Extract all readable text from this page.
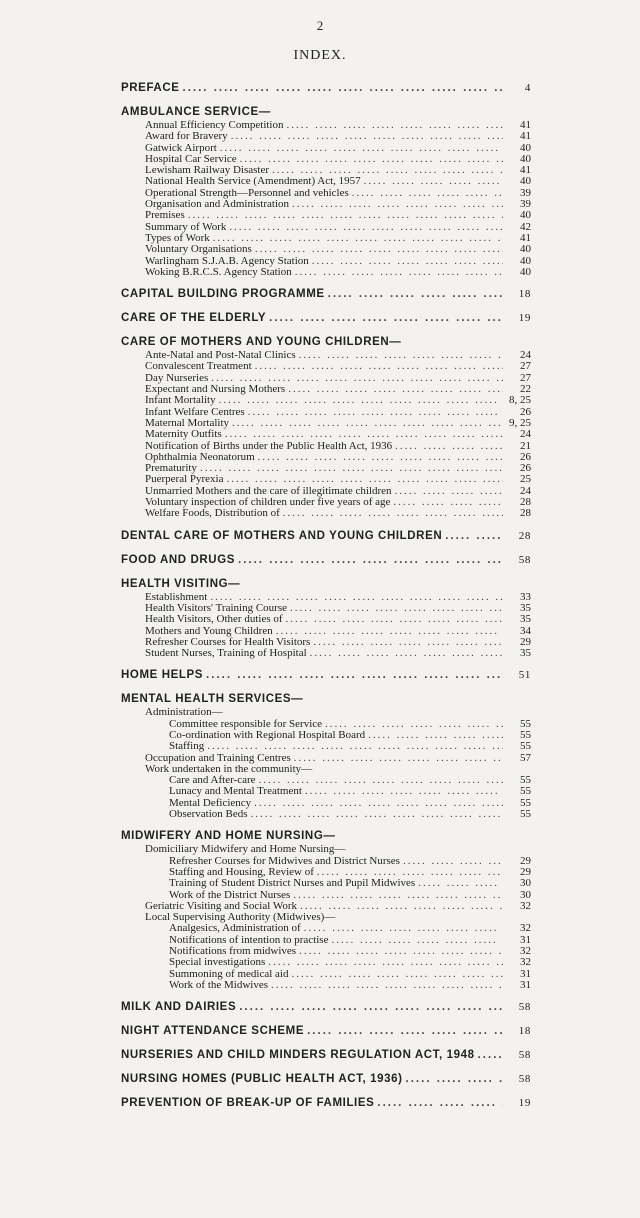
2
INDEX.
PREFACE .....	4
AMBULANCE SERVICE—
Annual Efficiency Competition .....	41
Award for Bravery .....	41
Gatwick Airport .....	40
Hospital Car Service .....	40
Lewisham Railway Disaster .....	41
National Health Service (Amendment) Act, 1957 .....	40
Operational Strength—Personnel and vehicles .....	39
Organisation and Administration .....	39
Premises .....	40
Summary of Work .....	42
Types of Work .....	41
Voluntary Organisations .....	40
Warlingham S.J.A.B. Agency Station .....	40
Woking B.R.C.S. Agency Station .....	40
CAPITAL BUILDING PROGRAMME .....	18
CARE OF THE ELDERLY .....	19
CARE OF MOTHERS AND YOUNG CHILDREN—
Ante-Natal and Post-Natal Clinics .....	24
Convalescent Treatment .....	27
Day Nurseries .....	27
Expectant and Nursing Mothers .....	22
Infant Mortality .....	8, 25
Infant Welfare Centres .....	26
Maternal Mortality .....	9, 25
Maternity Outfits .....	24
Notification of Births under the Public Health Act, 1936 .....	21
Ophthalmia Neonatorum .....	26
Prematurity .....	26
Puerperal Pyrexia .....	25
Unmarried Mothers and the care of illegitimate children .....	24
Voluntary inspection of children under five years of age .....	28
Welfare Foods, Distribution of .....	28
DENTAL CARE OF MOTHERS AND YOUNG CHILDREN .....	28
FOOD AND DRUGS .....	58
HEALTH VISITING—
Establishment .....	33
Health Visitors' Training Course .....	35
Health Visitors, Other duties of .....	35
Mothers and Young Children .....	34
Refresher Courses for Health Visitors .....	29
Student Nurses, Training of Hospital .....	35
HOME HELPS .....	51
MENTAL HEALTH SERVICES—
Administration—
Committee responsible for Service .....	55
Co-ordination with Regional Hospital Board .....	55
Staffing .....	55
Occupation and Training Centres .....	57
Work undertaken in the community—
Care and After-care .....	55
Lunacy and Mental Treatment .....	55
Mental Deficiency .....	55
Observation Beds .....	55
MIDWIFERY AND HOME NURSING—
Domiciliary Midwifery and Home Nursing—
Refresher Courses for Midwives and District Nurses .....	29
Staffing and Housing, Review of .....	29
Training of Student District Nurses and Pupil Midwives .....	30
Work of the District Nurses .....	30
Geriatric Visiting and Social Work .....	32
Local Supervising Authority (Midwives)—
Analgesics, Administration of .....	32
Notifications of intention to practise .....	31
Notifications from midwives .....	32
Special investigations .....	32
Summoning of medical aid .....	31
Work of the Midwives .....	31
MILK AND DAIRIES .....	58
NIGHT ATTENDANCE SCHEME .....	18
NURSERIES AND CHILD MINDERS REGULATION ACT, 1948 .....	58
NURSING HOMES (PUBLIC HEALTH ACT, 1936) .....	58
PREVENTION OF BREAK-UP OF FAMILIES .....	19
